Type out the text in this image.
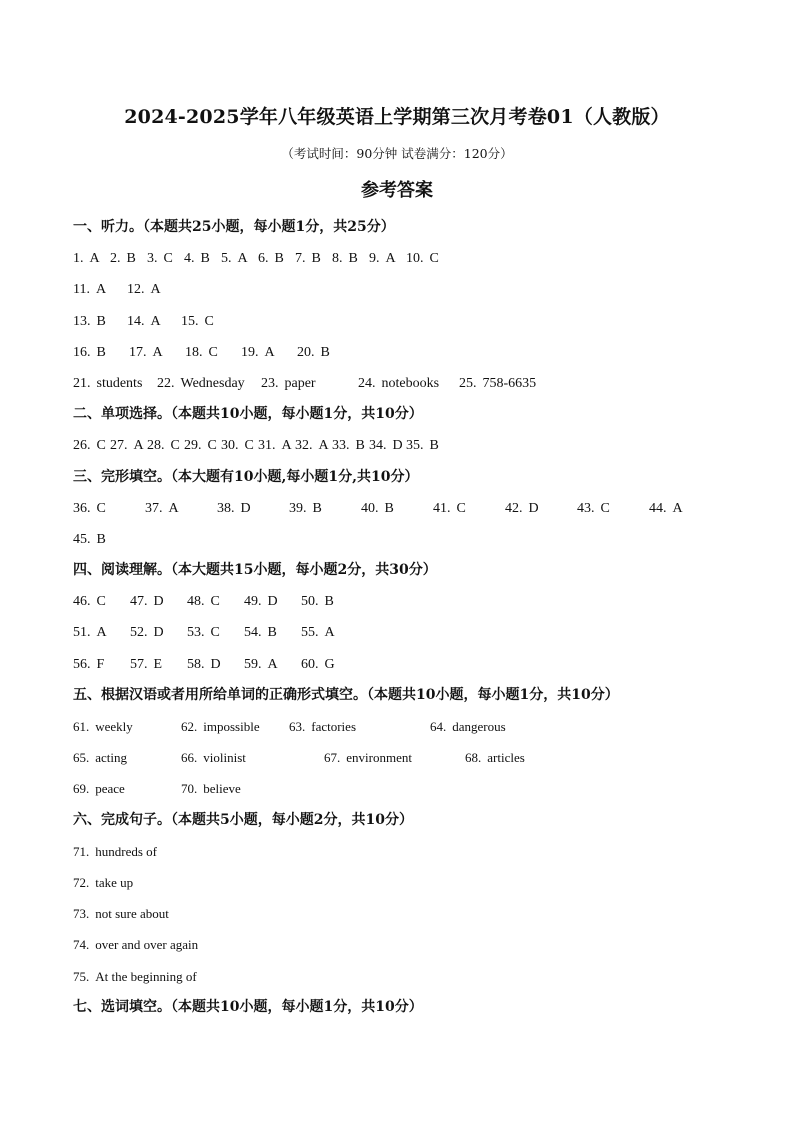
2024-2025学年八年级英语上学期第三次月考卷01（人教版）
（考试时间：90分钟 试卷满分：120分）
参考答案
一、听力。（本题共25小题，每小题1分，共25分）
1 . A 2 . B 3 . C 4 . B 5 . A 6 . B 7 . B 8 . B 9 . A 10 . C
11 . A 12 . A
13 . B 14 . A 15 . C
16 . B 17 . A 18 . C 19 . A 20 . B
21 . students 22 . Wednesday 23 . paper	24 . notebooks 25 . 758-6635
二、单项选择。（本题共10小题，每小题1分，共10分）
26 . C 27 . A 28 . C 29 . C 30 . C 31 . A 32 . A 33 . B 34 . D 35 . B
三、完形填空。（本大题有10小题,每小题1分,共10分）
36 . C	37 . A	38 . D	39 . B	40 . B	41 . C	42 . D	43 . C	44 . A
45 . B
四、阅读理解。（本大题共15小题，每小题2分，共30分）
46 . C 47 . D 48 . C 49 . D 50 . B
51 . A 52 . D 53 . C 54 . B 55 . A
56 . F 57 . E 58 . D 59 . A 60 . G
五、根据汉语或者用所给单词的正确形式填空。（本题共10小题，每小题1分，共10分）
61 . weekly	62 . impossible 63 . factories	64 . dangerous
65 . acting	66 . violinist	67 . environment	68 . articles
69 . peace	70 . believe
六、完成句子。（本题共5小题，每小题2分，共10分）
71 . hundreds of
72 . take up
73 . not sure about
74 . over and over again
75 . At the beginning of
七、选词填空。（本题共10小题，每小题1分，共10分）
